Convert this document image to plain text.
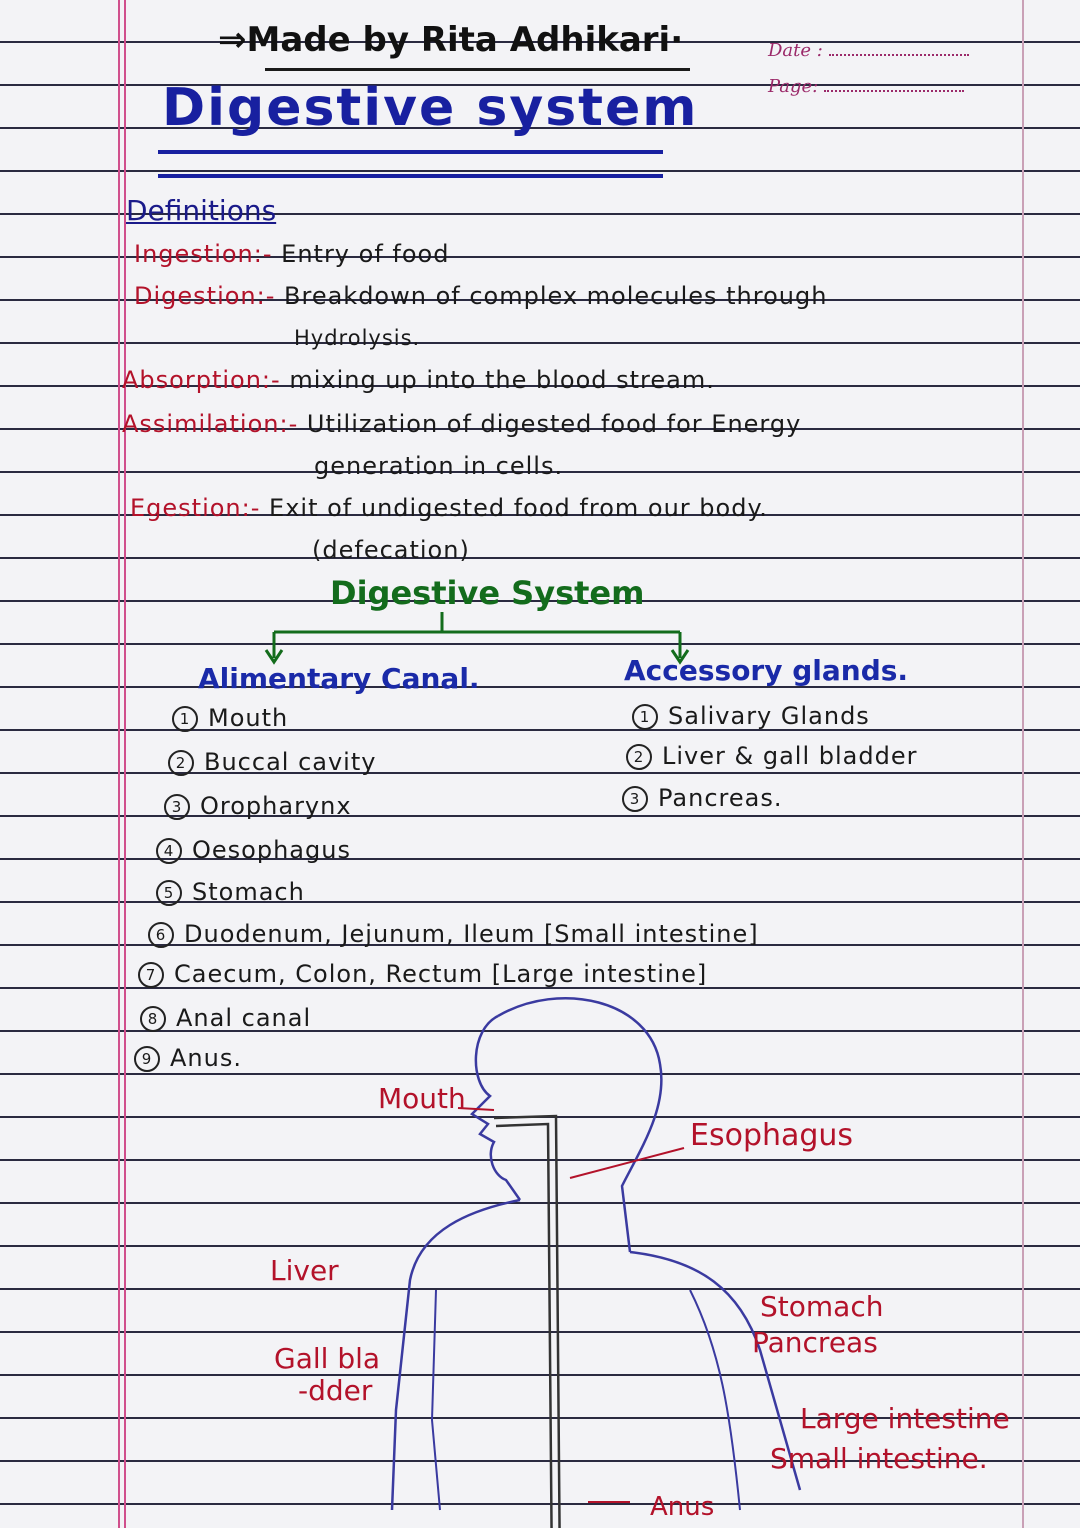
⇒Made by Rita Adhikari·
Digestive system
Date :
Page:
Definitions
Ingestion:- Entry of food
Digestion:- Breakdown of complex molecules through
Hydrolysis.
Absorption:- mixing up into the blood stream.
Assimilation:- Utilization of digested food for Energy
generation in cells.
Egestion:- Exit of undigested food from our body.
(defecation)
Digestive System
Alimentary Canal.	Accessory glands.
1 Mouth
2 Buccal cavity
3 Oropharynx
4 Oesophagus
5 Stomach
6 Duodenum, Jejunum, Ileum [Small intestine]
7 Caecum, Colon, Rectum [Large intestine]
8 Anal canal
9 Anus.
1 Salivary Glands
2 Liver & gall bladder
3 Pancreas.
Mouth
Esophagus
Liver
Stomach
Pancreas
Gall bla
-dder
Large intestine
Small intestine.
Anus
